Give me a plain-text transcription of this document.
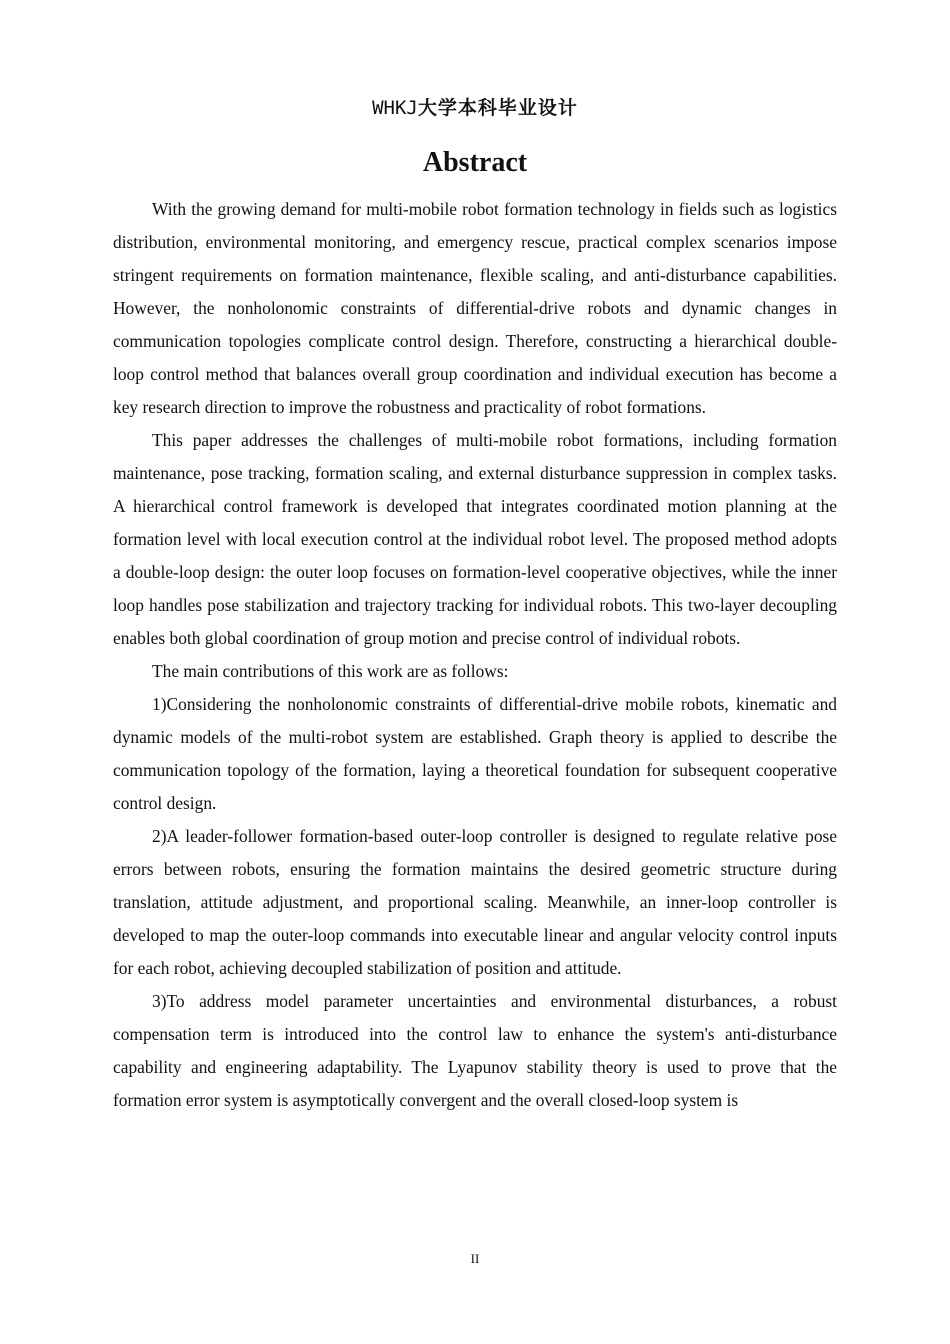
WHKJ大学本科毕业设计
Abstract

With the growing demand for multi-mobile robot formation technology in fields such as logistics distribution, environmental monitoring, and emergency rescue, practical complex scenarios impose stringent requirements on formation maintenance, flexible scaling, and anti-disturbance capabilities. However, the nonholonomic constraints of differential-drive robots and dynamic changes in communication topologies complicate control design. Therefore, constructing a hierarchical double-loop control method that balances overall group coordination and individual execution has become a key research direction to improve the robustness and practicality of robot formations.

This paper addresses the challenges of multi-mobile robot formations, including formation maintenance, pose tracking, formation scaling, and external disturbance suppression in complex tasks. A hierarchical control framework is developed that integrates coordinated motion planning at the formation level with local execution control at the individual robot level. The proposed method adopts a double-loop design: the outer loop focuses on formation-level cooperative objectives, while the inner loop handles pose stabilization and trajectory tracking for individual robots. This two-layer decoupling enables both global coordination of group motion and precise control of individual robots.

The main contributions of this work are as follows:

1)Considering the nonholonomic constraints of differential-drive mobile robots, kinematic and dynamic models of the multi-robot system are established. Graph theory is applied to describe the communication topology of the formation, laying a theoretical foundation for subsequent cooperative control design.

2)A leader-follower formation-based outer-loop controller is designed to regulate relative pose errors between robots, ensuring the formation maintains the desired geometric structure during translation, attitude adjustment, and proportional scaling. Meanwhile, an inner-loop controller is developed to map the outer-loop commands into executable linear and angular velocity control inputs for each robot, achieving decoupled stabilization of position and attitude.

3)To address model parameter uncertainties and environmental disturbances, a robust compensation term is introduced into the control law to enhance the system's anti-disturbance capability and engineering adaptability. The Lyapunov stability theory is used to prove that the formation error system is asymptotically convergent and the overall closed-loop system is

II
